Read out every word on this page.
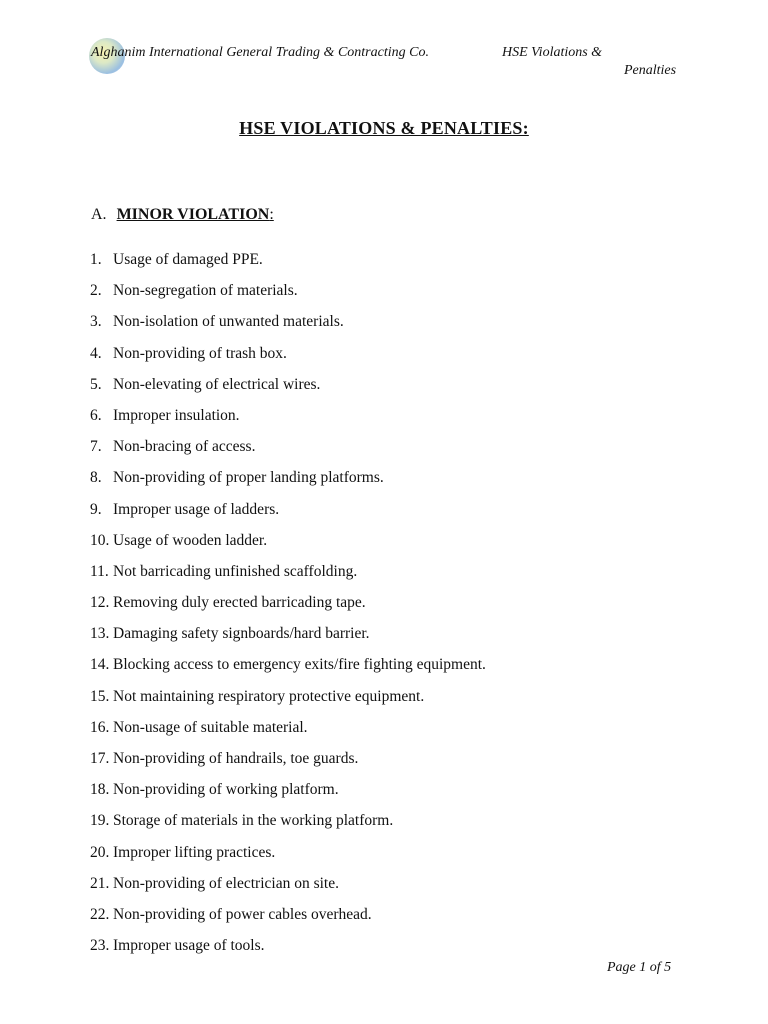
Alghanim International General Trading & Contracting Co.	HSE Violations &
Penalties
HSE VIOLATIONS & PENALTIES:
A. MINOR VIOLATION:
1. Usage of damaged PPE.
2. Non-segregation of materials.
3. Non-isolation of unwanted materials.
4. Non-providing of trash box.
5. Non-elevating of electrical wires.
6. Improper insulation.
7. Non-bracing of access.
8. Non-providing of proper landing platforms.
9. Improper usage of ladders.
10. Usage of wooden ladder.
11. Not barricading unfinished scaffolding.
12. Removing duly erected barricading tape.
13. Damaging safety signboards/hard barrier.
14. Blocking access to emergency exits/fire fighting equipment.
15. Not maintaining respiratory protective equipment.
16. Non-usage of suitable material.
17. Non-providing of handrails, toe guards.
18. Non-providing of working platform.
19. Storage of materials in the working platform.
20. Improper lifting practices.
21. Non-providing of electrician on site.
22. Non-providing of power cables overhead.
23. Improper usage of tools.
Page 1 of 5
